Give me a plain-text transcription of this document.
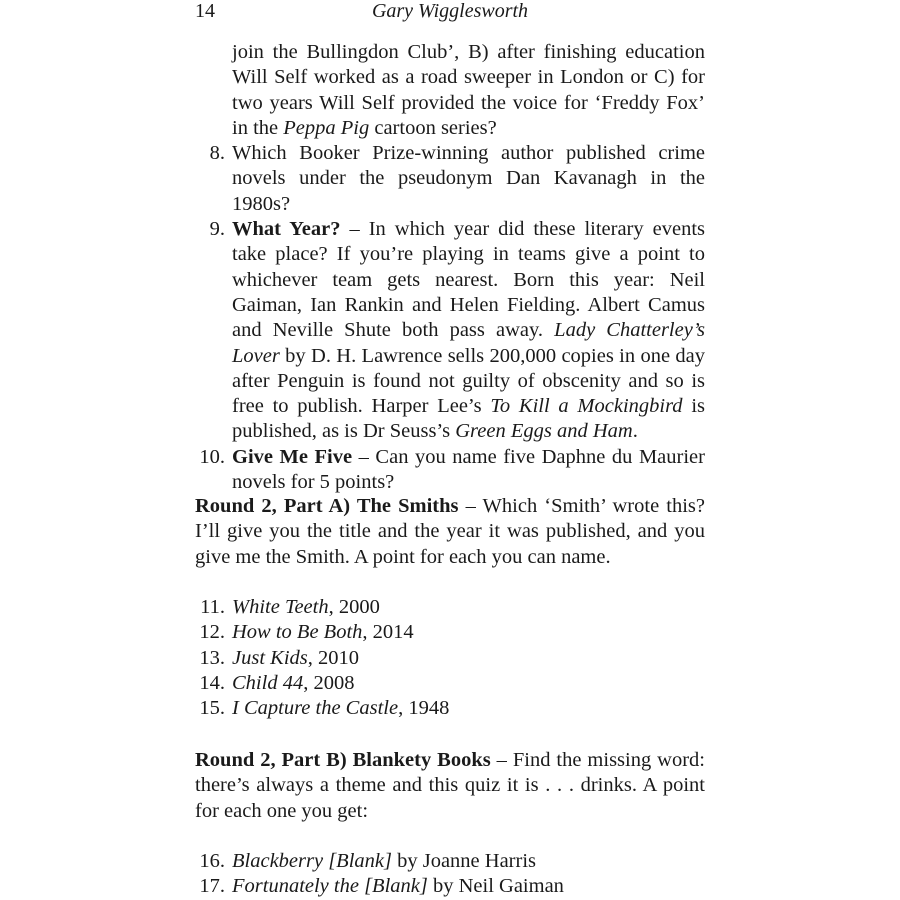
14	Gary Wigglesworth
join the Bullingdon Club’, B) after finishing education Will Self worked as a road sweeper in London or C) for two years Will Self provided the voice for ‘Freddy Fox’ in the Peppa Pig cartoon series?
8. Which Booker Prize-winning author published crime novels under the pseudonym Dan Kavanagh in the 1980s?
9. What Year? – In which year did these literary events take place? If you’re playing in teams give a point to whichever team gets nearest. Born this year: Neil Gaiman, Ian Rankin and Helen Fielding. Albert Camus and Neville Shute both pass away. Lady Chatterley’s Lover by D. H. Lawrence sells 200,000 copies in one day after Penguin is found not guilty of obscenity and so is free to publish. Harper Lee’s To Kill a Mockingbird is published, as is Dr Seuss’s Green Eggs and Ham.
10. Give Me Five – Can you name five Daphne du Maurier novels for 5 points?
Round 2, Part A) The Smiths – Which ‘Smith’ wrote this? I’ll give you the title and the year it was published, and you give me the Smith. A point for each you can name.
11. White Teeth, 2000
12. How to Be Both, 2014
13. Just Kids, 2010
14. Child 44, 2008
15. I Capture the Castle, 1948
Round 2, Part B) Blankety Books – Find the missing word: there’s always a theme and this quiz it is . . . drinks. A point for each one you get:
16. Blackberry [Blank] by Joanne Harris
17. Fortunately the [Blank] by Neil Gaiman
